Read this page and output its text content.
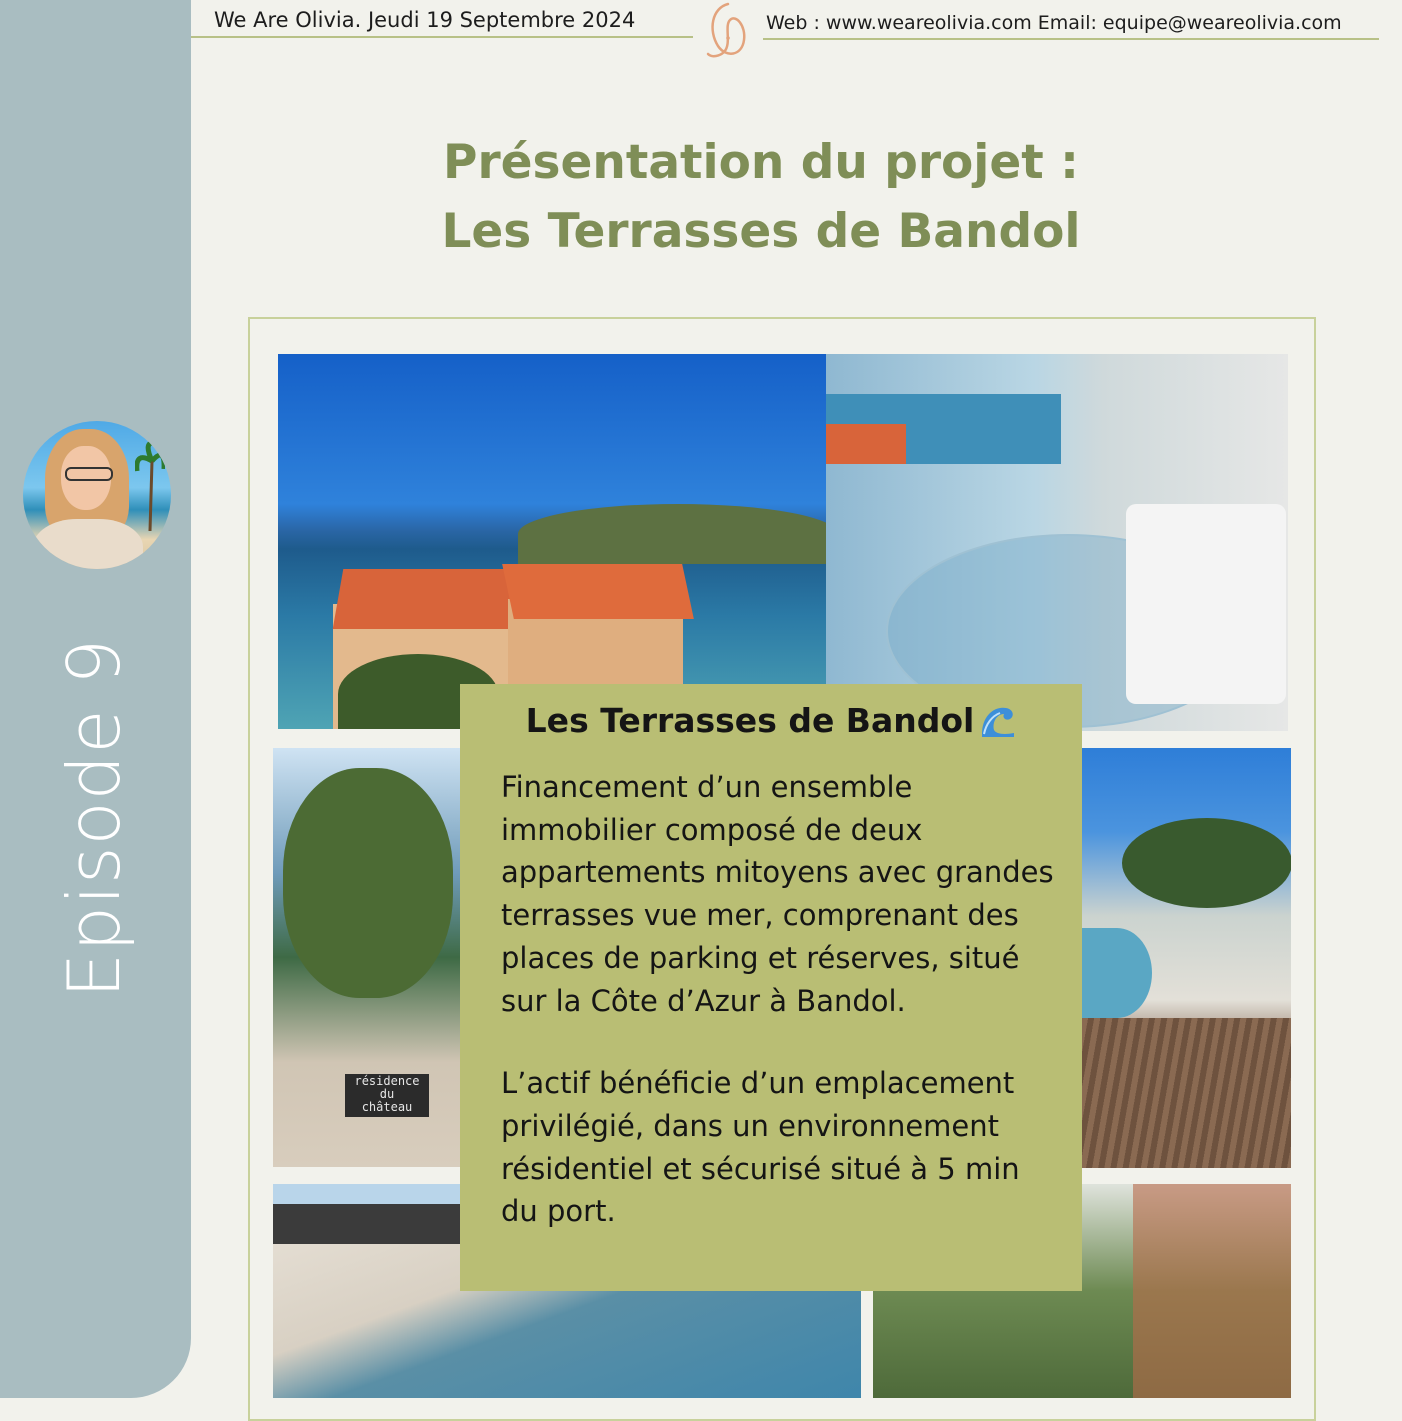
Episode 9
We Are Olivia. Jeudi 19 Septembre 2024	Web : www.weareolivia.com Email: equipe@weareolivia.com
Présentation du projet :
Les Terrasses de Bandol
résidence
du
château
Les Terrasses de Bandol

Financement d’un ensemble immobilier composé de deux appartements mitoyens avec grandes terrasses vue mer, comprenant des places de parking et réserves, situé sur la Côte d’Azur à Bandol.

L’actif bénéficie d’un emplacement privilégié, dans un environnement résidentiel et sécurisé situé à 5 min du port.
